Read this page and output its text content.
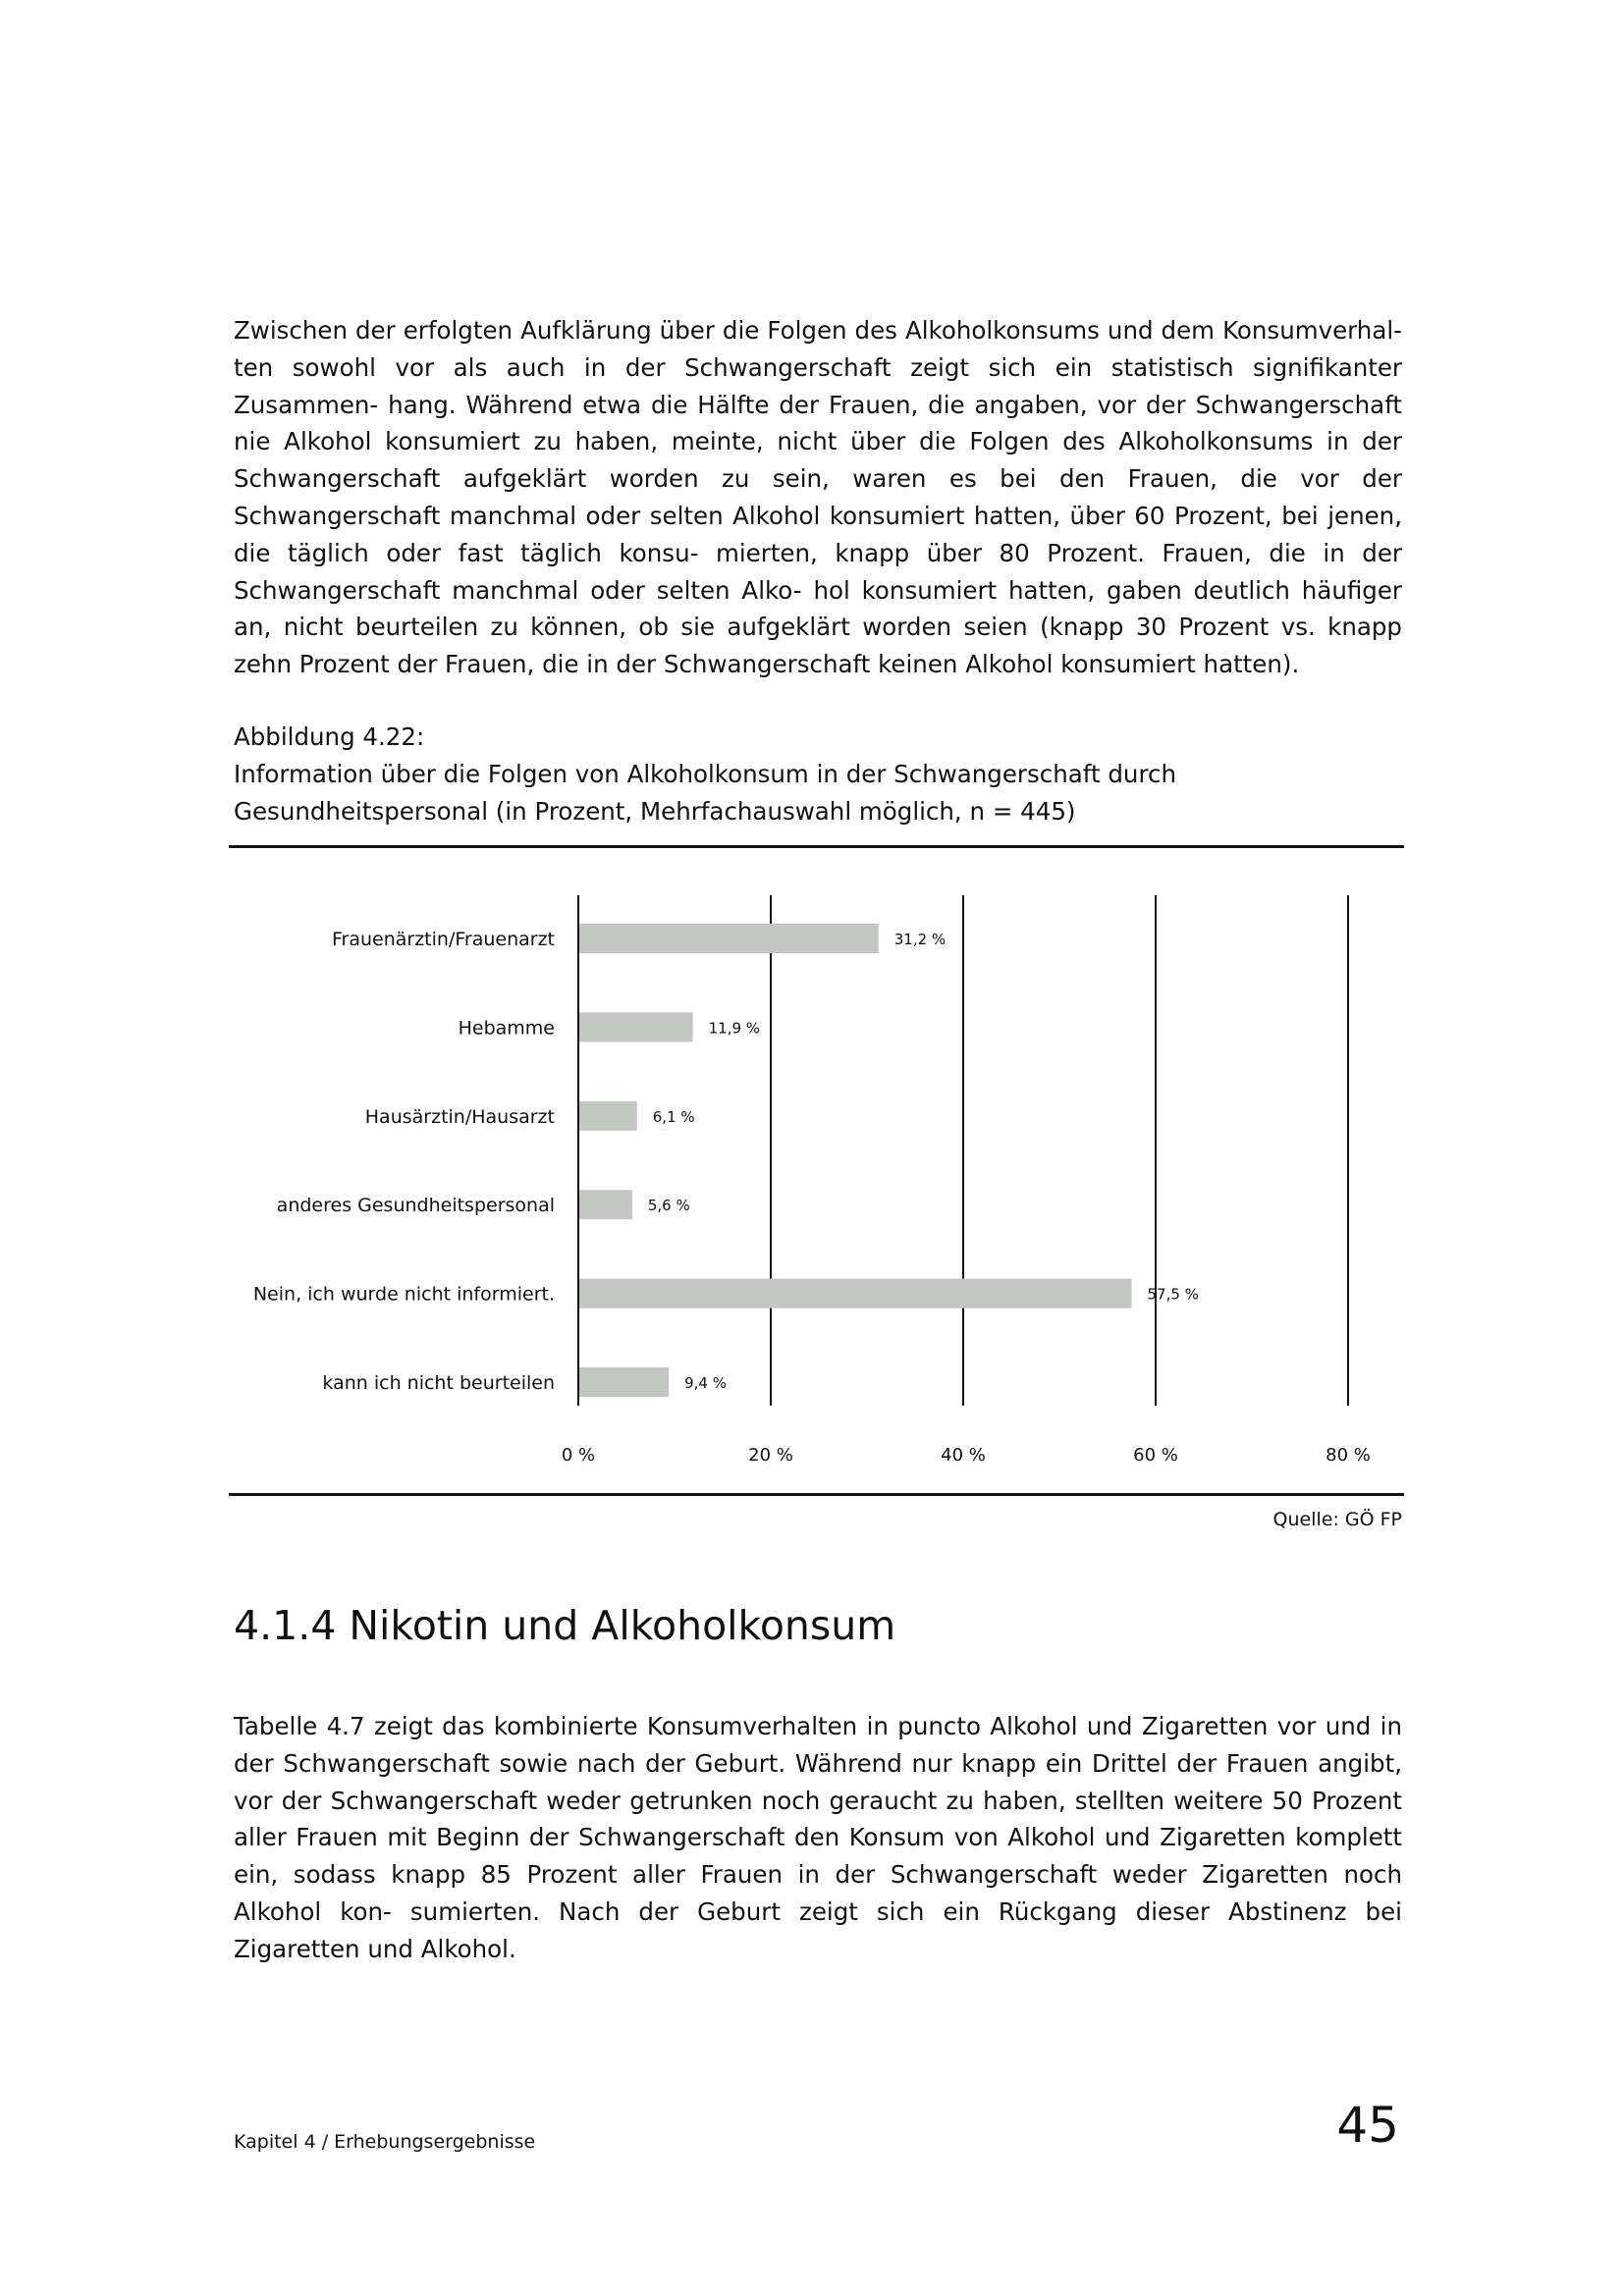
Zwischen der erfolgten Aufklärung über die Folgen des Alkoholkonsums und dem Konsumverhal- ten sowohl vor als auch in der Schwangerschaft zeigt sich ein statistisch signifikanter Zusammen- hang. Während etwa die Hälfte der Frauen, die angaben, vor der Schwangerschaft nie Alkohol konsumiert zu haben, meinte, nicht über die Folgen des Alkoholkonsums in der Schwangerschaft aufgeklärt worden zu sein, waren es bei den Frauen, die vor der Schwangerschaft manchmal oder selten Alkohol konsumiert hatten, über 60 Prozent, bei jenen, die täglich oder fast täglich konsu- mierten, knapp über 80 Prozent. Frauen, die in der Schwangerschaft manchmal oder selten Alko- hol konsumiert hatten, gaben deutlich häufiger an, nicht beurteilen zu können, ob sie aufgeklärt worden seien (knapp 30 Prozent vs. knapp zehn Prozent der Frauen, die in der Schwangerschaft keinen Alkohol konsumiert hatten).

Abbildung 4.22:
Information über die Folgen von Alkoholkonsum in der Schwangerschaft durch
Gesundheitspersonal (in Prozent, Mehrfachauswahl möglich, n = 445)
0 %	20 %	40 %	60 %	80 %
Frauenärztin/Frauenarzt	31,2 %
Hebamme	11,9 %
Hausärztin/Hausarzt	6,1 %
anderes Gesundheitspersonal	5,6 %
Nein, ich wurde nicht informiert.	57,5 %
kann ich nicht beurteilen	9,4 %
Quelle: GÖ FP
4.1.4 Nikotin und Alkoholkonsum

Tabelle 4.7 zeigt das kombinierte Konsumverhalten in puncto Alkohol und Zigaretten vor und in der Schwangerschaft sowie nach der Geburt. Während nur knapp ein Drittel der Frauen angibt, vor der Schwangerschaft weder getrunken noch geraucht zu haben, stellten weitere 50 Prozent aller Frauen mit Beginn der Schwangerschaft den Konsum von Alkohol und Zigaretten komplett ein, sodass knapp 85 Prozent aller Frauen in der Schwangerschaft weder Zigaretten noch Alkohol kon- sumierten. Nach der Geburt zeigt sich ein Rückgang dieser Abstinenz bei Zigaretten und Alkohol.

Kapitel 4 / Erhebungsergebnisse	45
